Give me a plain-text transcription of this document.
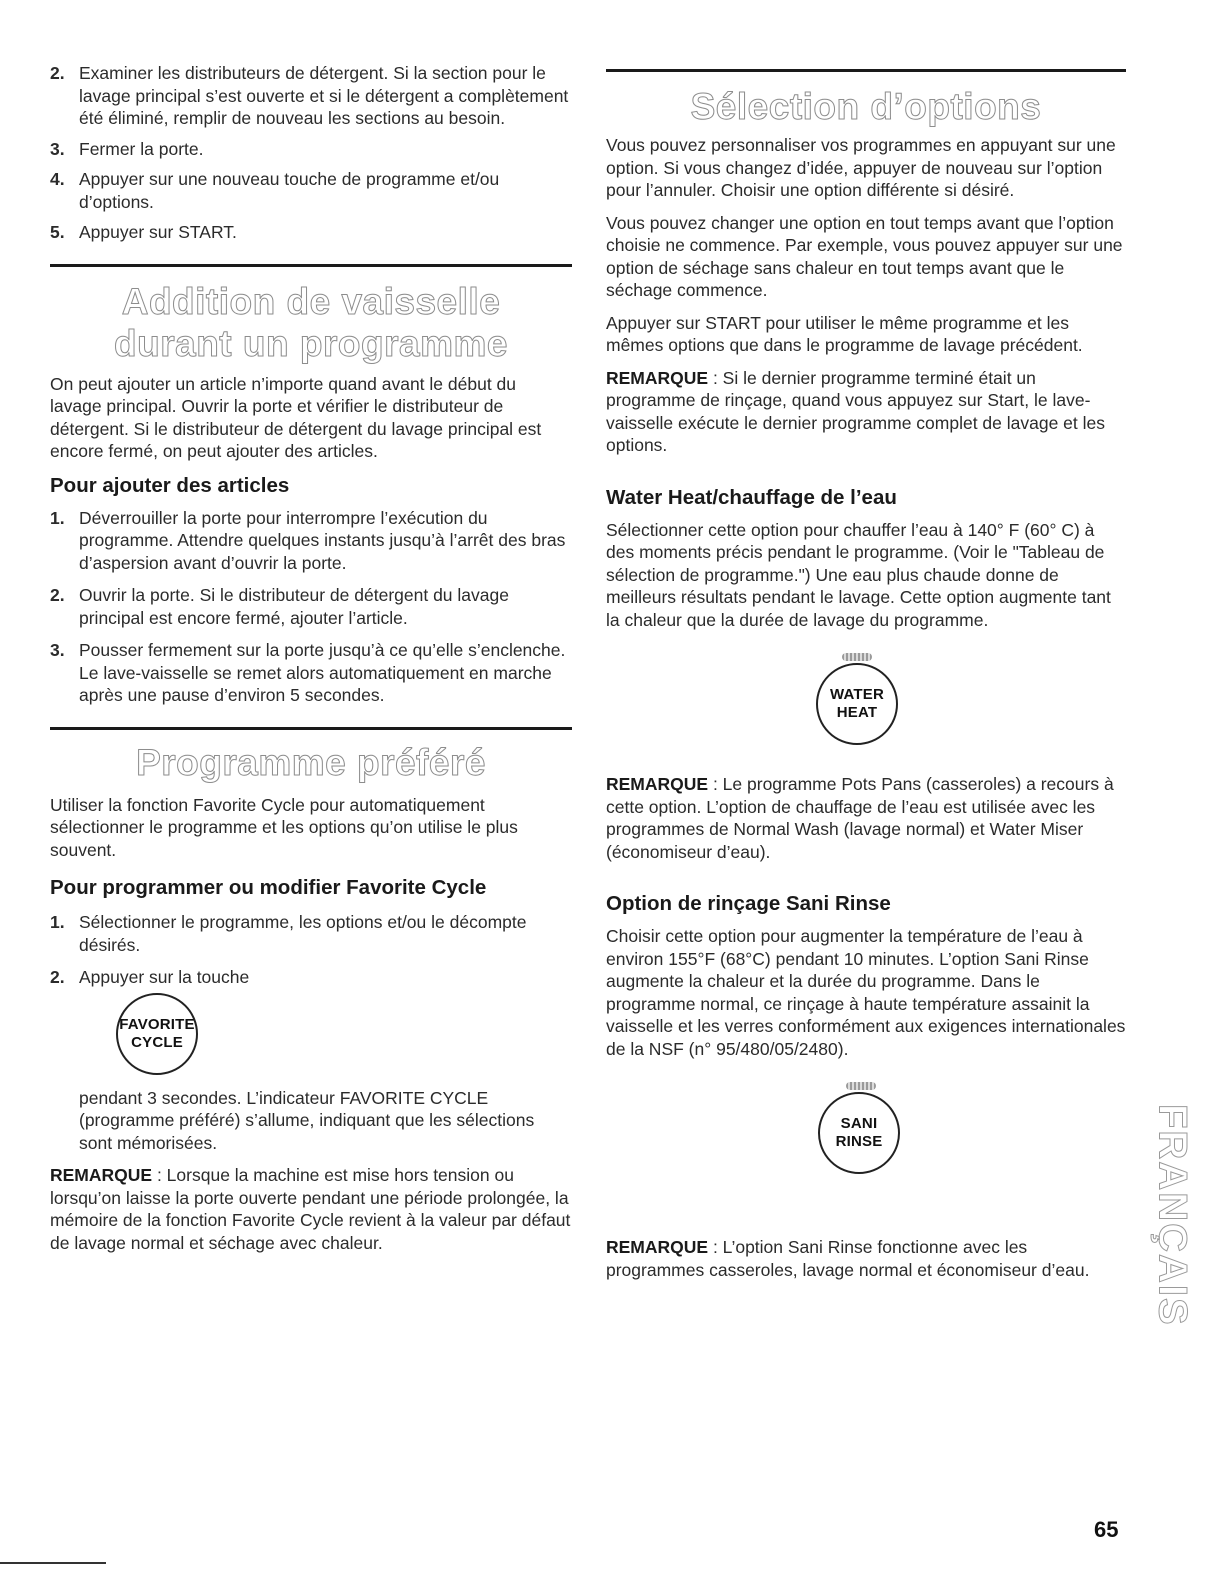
2. Examiner les distributeurs de détergent. Si la section pour le lavage principal s’est ouverte et si le détergent a complètement été éliminé, remplir de nouveau les sections au besoin.
3. Fermer la porte.
4. Appuyer sur une nouveau touche de programme et/ou d’options.
5. Appuyer sur START.
Addition de vaisselle
durant un programme

On peut ajouter un article n’importe quand avant le début du lavage principal. Ouvrir la porte et vérifier le distributeur de détergent. Si le distributeur de détergent du lavage principal est encore fermé, on peut ajouter des articles.

Pour ajouter des articles
1. Déverrouiller la porte pour interrompre l’exécution du programme. Attendre quelques instants jusqu’à l’arrêt des bras d’aspersion avant d’ouvrir la porte.
2. Ouvrir la porte. Si le distributeur de détergent du lavage principal est encore fermé, ajouter l’article.
3. Pousser fermement sur la porte jusqu’à ce qu’elle s’enclenche. Le lave-vaisselle se remet alors automatiquement en marche après une pause d’environ 5 secondes.
Programme préféré

Utiliser la fonction Favorite Cycle pour automatiquement sélectionner le programme et les options qu’on utilise le plus souvent.

Pour programmer ou modifier Favorite Cycle
1. Sélectionner le programme, les options et/ou le décompte désirés.
2. Appuyer sur la touche
FAVORITE
CYCLE

pendant 3 secondes. L’indicateur FAVORITE CYCLE (programme préféré) s’allume, indiquant que les sélections sont mémorisées.

REMARQUE : Lorsque la machine est mise hors tension ou lorsqu’on laisse la porte ouverte pendant une période prolongée, la mémoire de la fonction Favorite Cycle revient à la valeur par défaut de lavage normal et séchage avec chaleur.

Sélection d’options

Vous pouvez personnaliser vos programmes en appuyant sur une option. Si vous changez d’idée, appuyer de nouveau sur l’option pour l’annuler. Choisir une option différente si désiré.

Vous pouvez changer une option en tout temps avant que l’option choisie ne commence. Par exemple, vous pouvez appuyer sur une option de séchage sans chaleur en tout temps avant que le séchage commence.

Appuyer sur START pour utiliser le même programme et les mêmes options que dans le programme de lavage précédent.

REMARQUE : Si le dernier programme terminé était un programme de rinçage, quand vous appuyez sur Start, le lave-vaisselle exécute le dernier programme complet de lavage et les options.

Water Heat/chauffage de l’eau

Sélectionner cette option pour chauffer l’eau à 140° F (60° C) à des moments précis pendant le programme. (Voir le "Tableau de sélection de programme.") Une eau plus chaude donne de meilleurs résultats pendant le lavage. Cette option augmente tant la chaleur que la durée de lavage du programme.

WATER
HEAT

REMARQUE : Le programme Pots Pans (casseroles) a recours à cette option. L’option de chauffage de l’eau est utilisée avec les programmes de Normal Wash (lavage normal) et Water Miser (économiseur d’eau).

Option de rinçage Sani Rinse

Choisir cette option pour augmenter la température de l’eau à environ 155°F (68°C) pendant 10 minutes. L’option Sani Rinse augmente la chaleur et la durée du programme. Dans le programme normal, ce rinçage à haute température assainit la vaisselle et les verres conformément aux exigences internationales de la NSF (n° 95/480/05/2480).

SANI
RINSE

REMARQUE : L’option Sani Rinse fonctionne avec les programmes casseroles, lavage normal et économiseur d’eau.	FRANÇAIS
65
